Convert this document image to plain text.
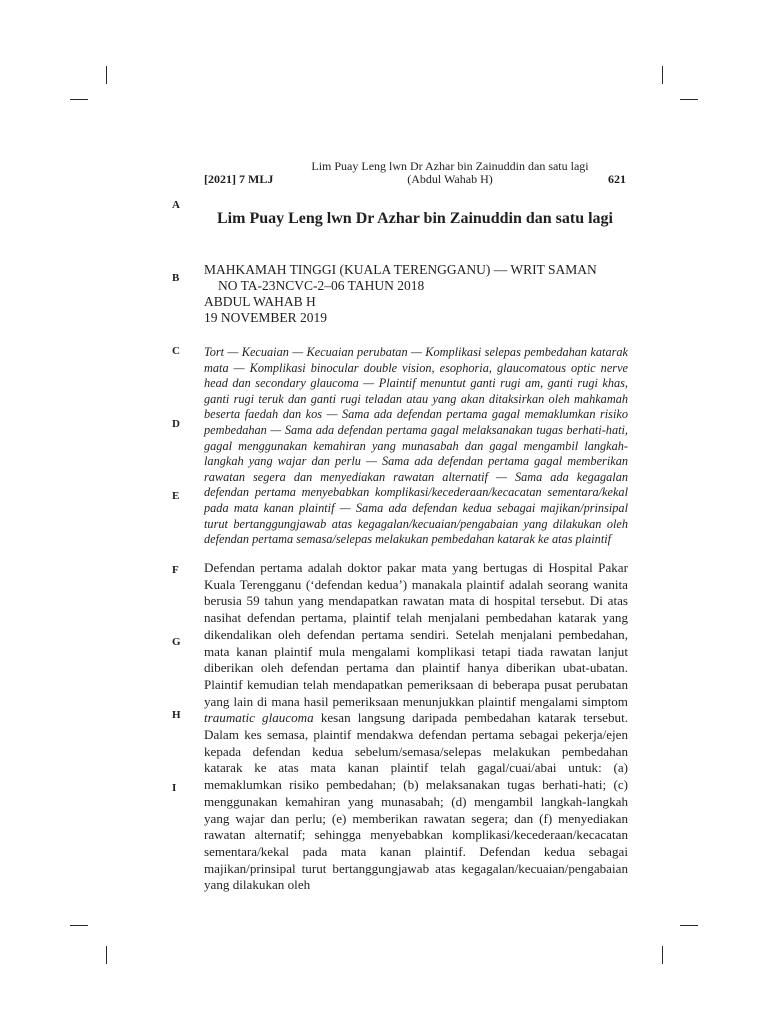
[2021] 7 MLJ
Lim Puay Leng lwn Dr Azhar bin Zainuddin dan satu lagi
(Abdul Wahab H)	621
A
B
C
D
E
F
G
H
I
Lim Puay Leng lwn Dr Azhar bin Zainuddin dan satu lagi
MAHKAMAH TINGGI (KUALA TERENGGANU) — WRIT SAMAN
NO TA-23NCVC-2–06 TAHUN 2018
ABDUL WAHAB H
19 NOVEMBER 2019
Tort — Kecuaian — Kecuaian perubatan — Komplikasi selepas pembedahan katarak mata — Komplikasi binocular double vision, esophoria, glaucomatous optic nerve head dan secondary glaucoma — Plaintif menuntut ganti rugi am, ganti rugi khas, ganti rugi teruk dan ganti rugi teladan atau yang akan ditaksirkan oleh mahkamah beserta faedah dan kos — Sama ada defendan pertama gagal memaklumkan risiko pembedahan — Sama ada defendan pertama gagal melaksanakan tugas berhati-hati, gagal menggunakan kemahiran yang munasabah dan gagal mengambil langkah-langkah yang wajar dan perlu — Sama ada defendan pertama gagal memberikan rawatan segera dan menyediakan rawatan alternatif — Sama ada kegagalan defendan pertama menyebabkan komplikasi/kecederaan/kecacatan sementara/kekal pada mata kanan plaintif — Sama ada defendan kedua sebagai majikan/prinsipal turut bertanggungjawab atas kegagalan/kecuaian/pengabaian yang dilakukan oleh defendan pertama semasa/selepas melakukan pembedahan katarak ke atas plaintif
Defendan pertama adalah doktor pakar mata yang bertugas di Hospital Pakar Kuala Terengganu (‘defendan kedua’) manakala plaintif adalah seorang wanita berusia 59 tahun yang mendapatkan rawatan mata di hospital tersebut. Di atas nasihat defendan pertama, plaintif telah menjalani pembedahan katarak yang dikendalikan oleh defendan pertama sendiri. Setelah menjalani pembedahan, mata kanan plaintif mula mengalami komplikasi tetapi tiada rawatan lanjut diberikan oleh defendan pertama dan plaintif hanya diberikan ubat-ubatan. Plaintif kemudian telah mendapatkan pemeriksaan di beberapa pusat perubatan yang lain di mana hasil pemeriksaan menunjukkan plaintif mengalami simptom traumatic glaucoma kesan langsung daripada pembedahan katarak tersebut. Dalam kes semasa, plaintif mendakwa defendan pertama sebagai pekerja/ejen kepada defendan kedua sebelum/semasa/selepas melakukan pembedahan katarak ke atas mata kanan plaintif telah gagal/cuai/abai untuk: (a) memaklumkan risiko pembedahan; (b) melaksanakan tugas berhati-hati; (c) menggunakan kemahiran yang munasabah; (d) mengambil langkah-langkah yang wajar dan perlu; (e) memberikan rawatan segera; dan (f) menyediakan rawatan alternatif; sehingga menyebabkan komplikasi/kecederaan/kecacatan sementara/kekal pada mata kanan plaintif. Defendan kedua sebagai majikan/prinsipal turut bertanggungjawab atas kegagalan/kecuaian/pengabaian yang dilakukan oleh
